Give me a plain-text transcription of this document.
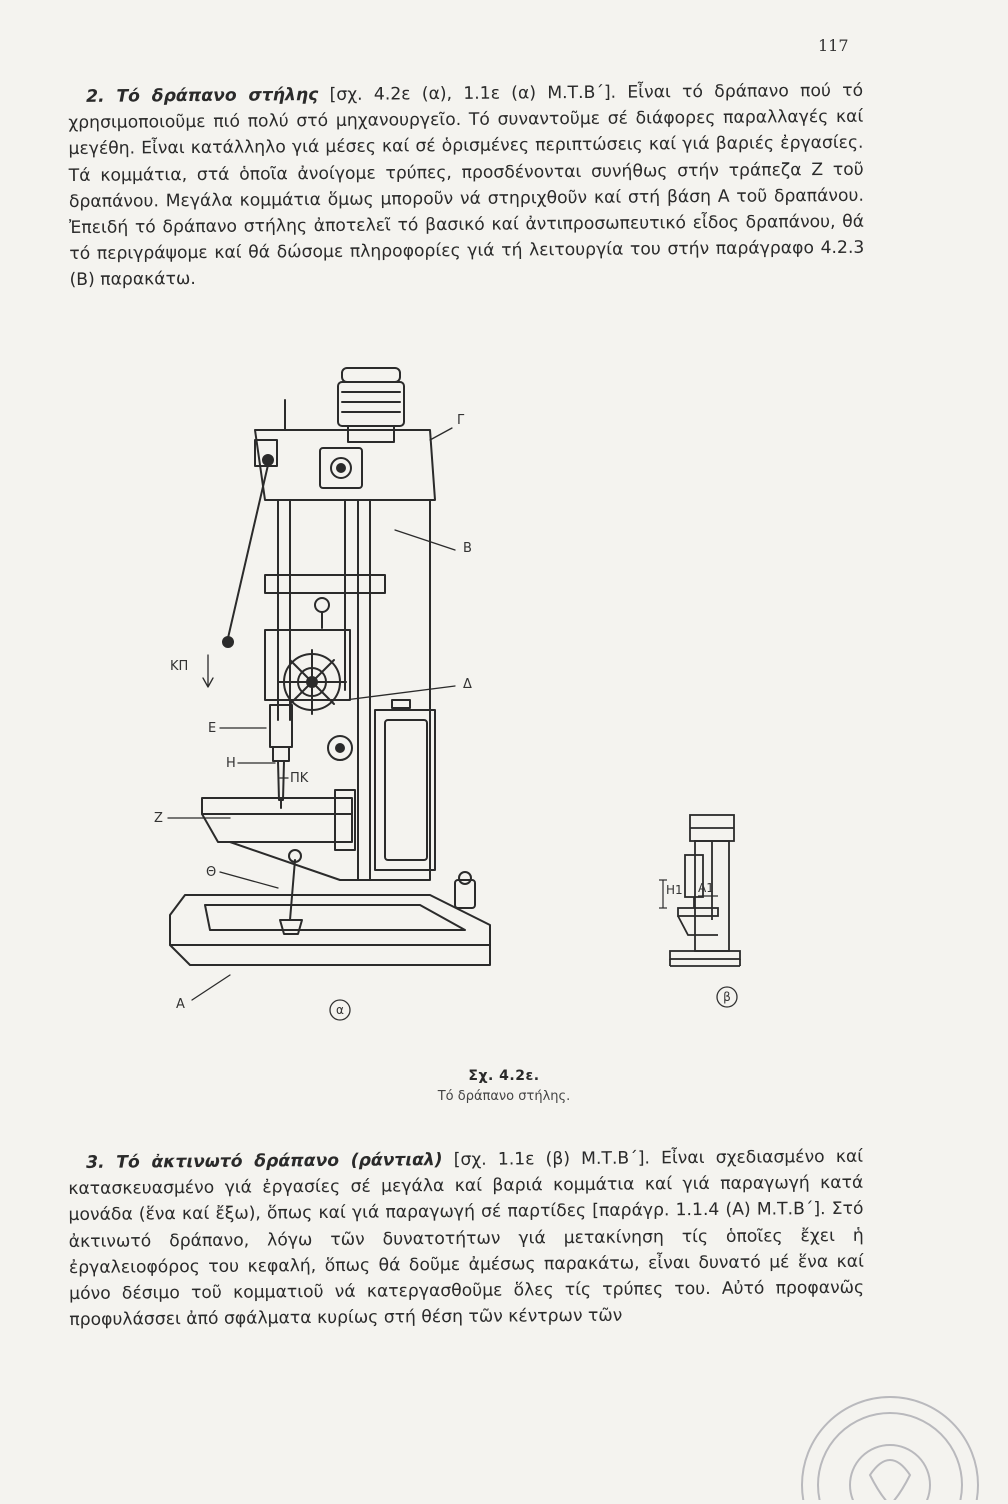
117
2. Τό δράπανο στήλης [σχ. 4.2ε (α), 1.1ε (α) Μ.Τ.Β΄]. Εἶναι τό δράπανο πού τό χρησιμοποιοῦμε πιό πολύ στό μηχανουργεῖο. Τό συναντοῦμε σέ διάφορες παραλλαγές καί μεγέθη. Εἶναι κατάλληλο γιά μέσες καί σέ ὁρισμένες περιπτώσεις καί γιά βαριές ἐργασίες. Τά κομμάτια, στά ὁποῖα ἀνοίγομε τρύπες, προσδένονται συνήθως στήν τράπεζα Ζ τοῦ δραπάνου. Μεγάλα κομμάτια ὅμως μποροῦν νά στηριχθοῦν καί στή βάση Α τοῦ δραπάνου. Ἐπειδή τό δράπανο στήλης ἀποτελεῖ τό βασικό καί ἀντιπροσωπευτικό εἶδος δραπάνου, θά τό περιγράψομε καί θά δώσομε πληροφορίες γιά τή λειτουργία του στήν παράγραφο 4.2.3 (Β) παρακάτω.
Γ
Β
ΚΠ
Δ
Ε
Η
ΠΚ
Ζ
Θ
Α	α
Η1 Α1
β
Σχ. 4.2ε.
Τό δράπανο στήλης.
3. Τό ἀκτινωτό δράπανο (ράντιαλ) [σχ. 1.1ε (β) Μ.Τ.Β΄]. Εἶναι σχεδιασμένο καί κατασκευασμένο γιά ἐργασίες σέ μεγάλα καί βαριά κομμάτια καί γιά παραγωγή κατά μονάδα (ἕνα καί ἔξω), ὅπως καί γιά παραγωγή σέ παρτίδες [παράγρ. 1.1.4 (Α) Μ.Τ.Β΄]. Στό ἀκτινωτό δράπανο, λόγω τῶν δυνατοτήτων γιά μετακίνηση τίς ὁποῖες ἔχει ἡ ἐργαλειοφόρος του κεφαλή, ὅπως θά δοῦμε ἀμέσως παρακάτω, εἶναι δυνατό μέ ἕνα καί μόνο δέσιμο τοῦ κομματιοῦ νά κατεργασθοῦμε ὅλες τίς τρύπες του. Αὐτό προφανῶς προφυλάσσει ἀπό σφάλματα κυρίως στή θέση τῶν κέντρων τῶν
